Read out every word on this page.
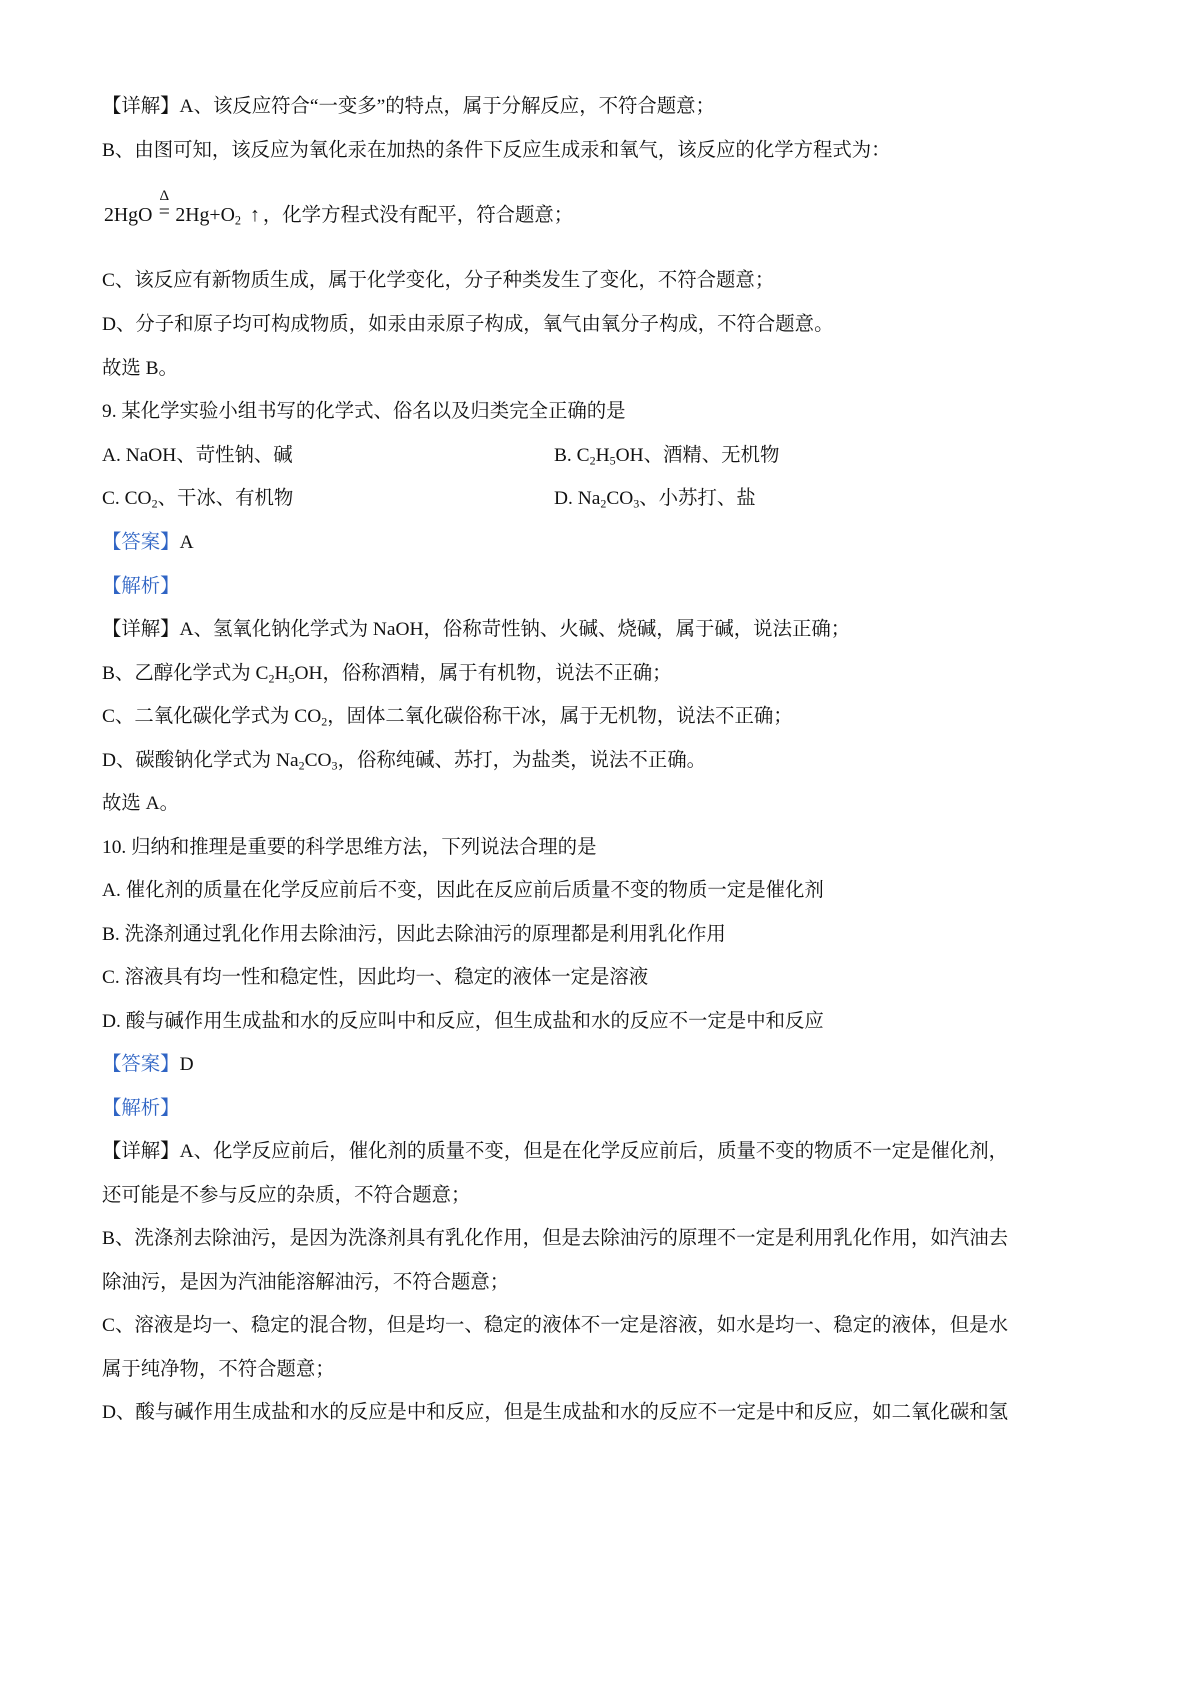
【详解】A、该反应符合“一变多”的特点，属于分解反应，不符合题意；
B、由图可知，该反应为氧化汞在加热的条件下反应生成汞和氧气，该反应的化学方程式为：
2HgO
Δ
= $2Hg+O_2$ ↑ ，化学方程式没有配平，符合题意；
C、该反应有新物质生成，属于化学变化，分子种类发生了变化，不符合题意；
D、分子和原子均可构成物质，如汞由汞原子构成，氧气由氧分子构成，不符合题意。
故选 B。
9. 某化学实验小组书写的化学式、俗名以及归类完全正确的是
A. NaOH、苛性钠、碱	B. $C_2H_5OH$、酒精、无机物
C. $CO_2$、干冰、有机物	D. $Na_2CO_3$、小苏打、盐
【答案】A
【解析】
【详解】A、氢氧化钠化学式为 NaOH，俗称苛性钠、火碱、烧碱，属于碱，说法正确；
B、乙醇化学式为 $C_2H_5OH$，俗称酒精，属于有机物，说法不正确；
C、二氧化碳化学式为 $CO_2$，固体二氧化碳俗称干冰，属于无机物，说法不正确；
D、碳酸钠化学式为 $Na_2CO_3$，俗称纯碱、苏打，为盐类，说法不正确。
故选 A。
10. 归纳和推理是重要的科学思维方法，下列说法合理的是
A. 催化剂的质量在化学反应前后不变，因此在反应前后质量不变的物质一定是催化剂
B. 洗涤剂通过乳化作用去除油污，因此去除油污的原理都是利用乳化作用
C. 溶液具有均一性和稳定性，因此均一、稳定的液体一定是溶液
D. 酸与碱作用生成盐和水的反应叫中和反应，但生成盐和水的反应不一定是中和反应
【答案】D
【解析】
【详解】A、化学反应前后，催化剂的质量不变，但是在化学反应前后，质量不变的物质不一定是催化剂，
还可能是不参与反应的杂质，不符合题意；
B、洗涤剂去除油污，是因为洗涤剂具有乳化作用，但是去除油污的原理不一定是利用乳化作用，如汽油去
除油污，是因为汽油能溶解油污，不符合题意；
C、溶液是均一、稳定的混合物，但是均一、稳定的液体不一定是溶液，如水是均一、稳定的液体，但是水
属于纯净物，不符合题意；
D、酸与碱作用生成盐和水的反应是中和反应，但是生成盐和水的反应不一定是中和反应，如二氧化碳和氢
